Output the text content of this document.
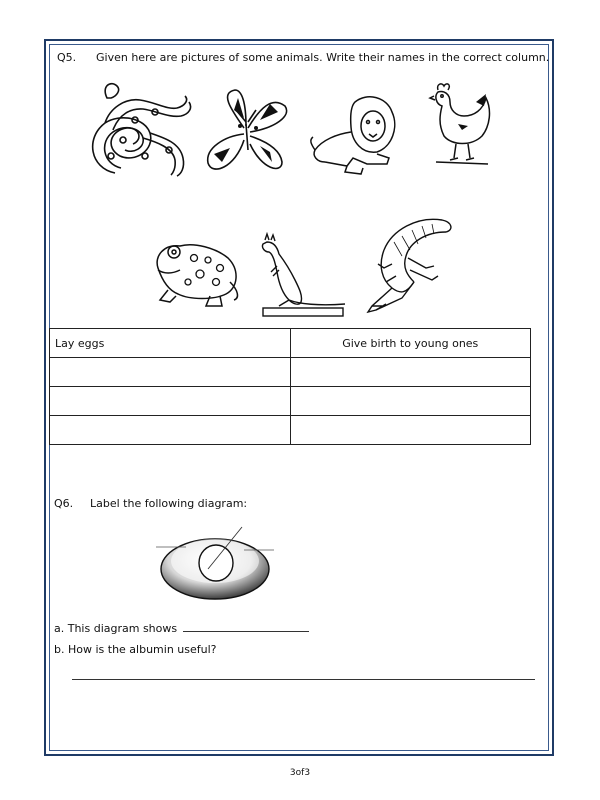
Q5. Given here are pictures of some animals. Write their names in the correct column.
Lay eggs	Give birth to young ones

Q6. Label the following diagram:
a. This diagram shows
b. How is the albumin useful?
3of3
